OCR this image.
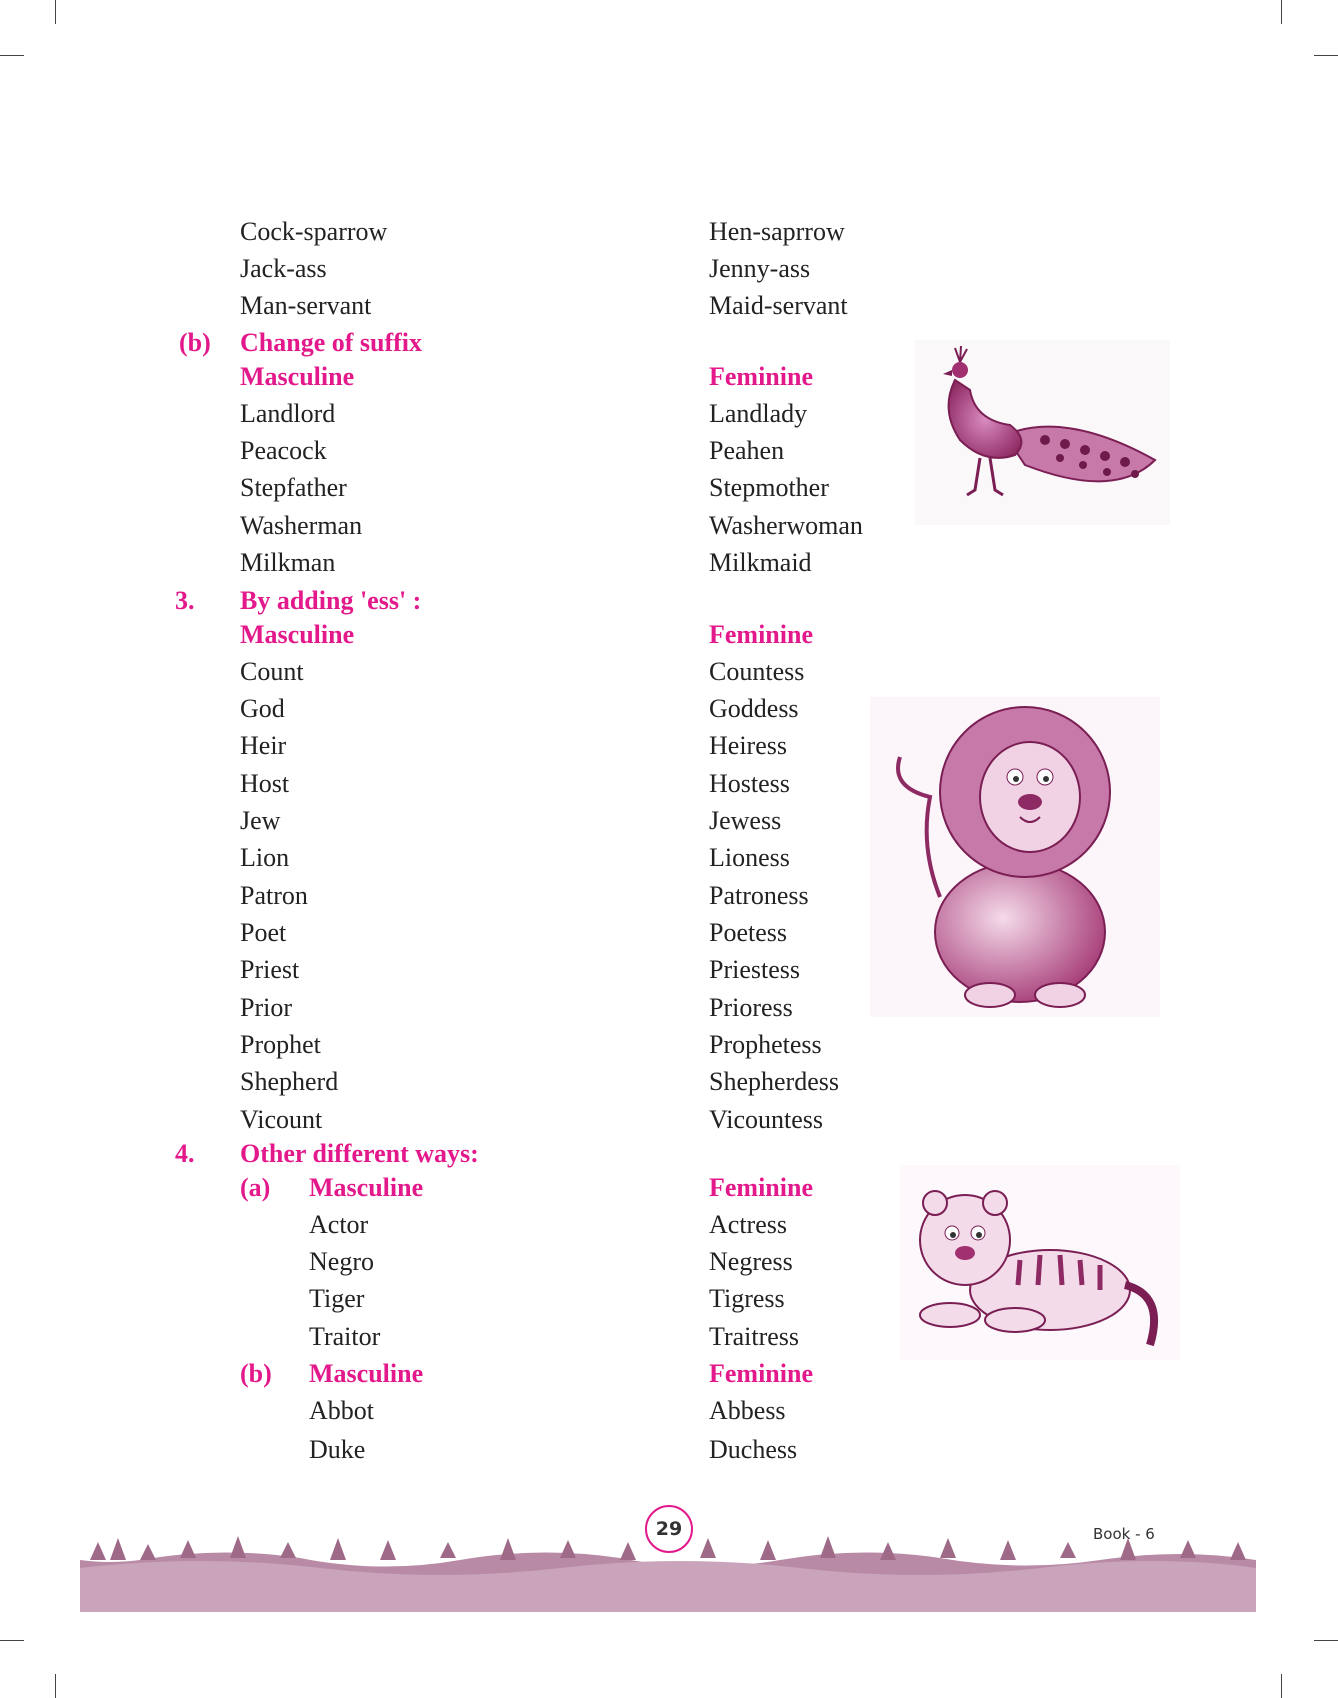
Cock-sparrow	Hen-saprrow
Jack-ass	Jenny-ass
Man-servant	Maid-servant
(b) Change of suffix
Masculine	Feminine
Landlord	Landlady
Peacock	Peahen
Stepfather	Stepmother
Washerman	Washerwoman
Milkman	Milkmaid
3. By adding 'ess' :
Masculine	Feminine
Count	Countess
God	Goddess
Heir	Heiress
Host	Hostess
Jew	Jewess
Lion	Lioness
Patron	Patroness
Poet	Poetess
Priest	Priestess
Prior	Prioress
Prophet	Prophetess
Shepherd	Shepherdess
Vicount	Vicountess
4. Other different ways:
(a) Masculine	Feminine
Actor	Actress
Negro	Negress
Tiger	Tigress
Traitor	Traitress
(b) Masculine	Feminine
Abbot	Abbess
Duke	Duchess
29	Book - 6
